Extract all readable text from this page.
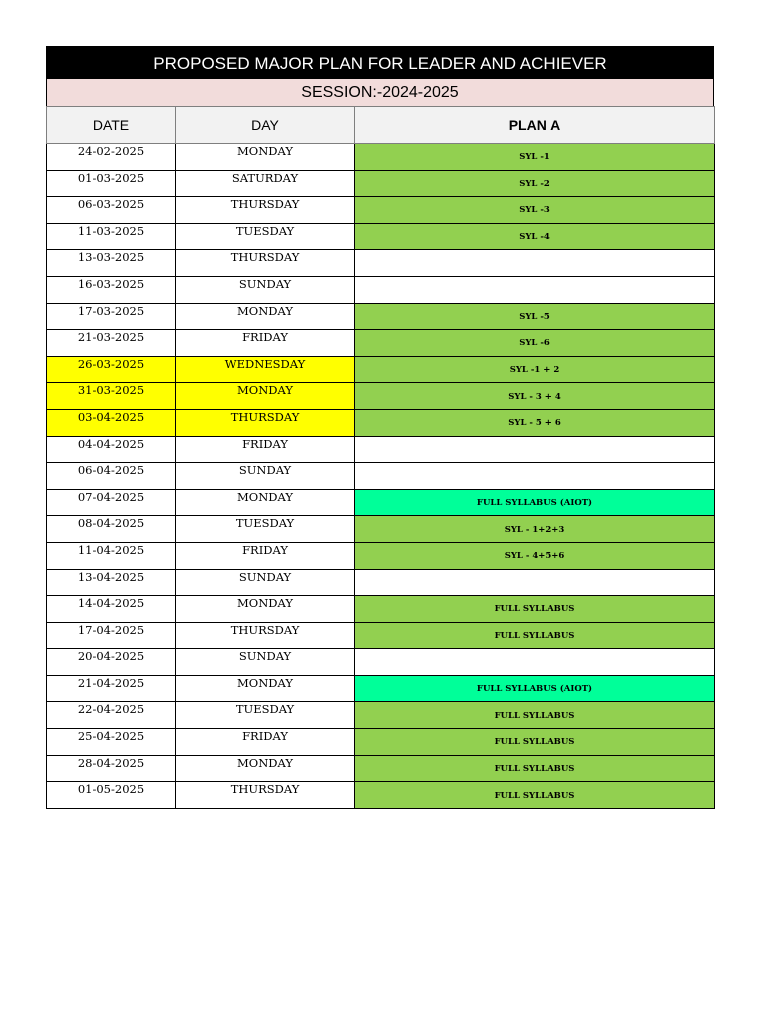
PROPOSED MAJOR PLAN FOR LEADER AND ACHIEVER
SESSION:-2024-2025
DATE	DAY	PLAN A
24-02-2025	MONDAY	SYL -1
01-03-2025	SATURDAY	SYL -2
06-03-2025	THURSDAY	SYL -3
11-03-2025	TUESDAY	SYL -4
13-03-2025	THURSDAY	
16-03-2025	SUNDAY	
17-03-2025	MONDAY	SYL -5
21-03-2025	FRIDAY	SYL -6
26-03-2025	WEDNESDAY	SYL -1 + 2
31-03-2025	MONDAY	SYL - 3 + 4
03-04-2025	THURSDAY	SYL - 5 + 6
04-04-2025	FRIDAY	
06-04-2025	SUNDAY	
07-04-2025	MONDAY	FULL SYLLABUS (AIOT)
08-04-2025	TUESDAY	SYL - 1+2+3
11-04-2025	FRIDAY	SYL - 4+5+6
13-04-2025	SUNDAY	
14-04-2025	MONDAY	FULL SYLLABUS
17-04-2025	THURSDAY	FULL SYLLABUS
20-04-2025	SUNDAY	
21-04-2025	MONDAY	FULL SYLLABUS (AIOT)
22-04-2025	TUESDAY	FULL SYLLABUS
25-04-2025	FRIDAY	FULL SYLLABUS
28-04-2025	MONDAY	FULL SYLLABUS
01-05-2025	THURSDAY	FULL SYLLABUS
